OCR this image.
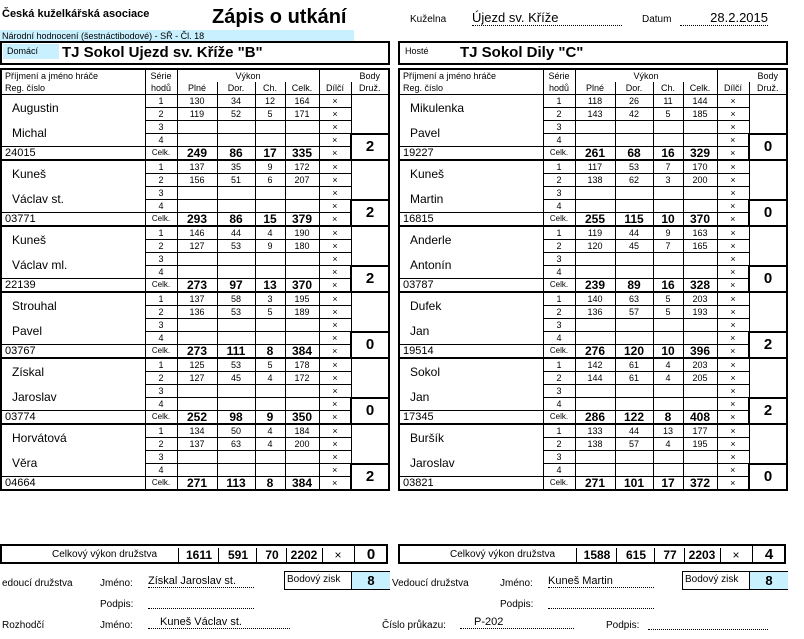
Česká kuželkářská asociace	Zápis o utkání
Národní hodnocení (šestnáctibodové) - SŘ - Čl. 18
Kuželna Újezd sv. Kříže	Datum	28.2.2015
Domácí	TJ Sokol Ujezd sv. Kříže "B"	Hosté	TJ Sokol Dily "C"
Příjmení a jméno hráče	Série	Výkon				Body	
Reg. číslo	hodů	Plné	Dor.	Ch.	Celk.	Dílčí	Druž.
Augustin	1	130	34	12	164	×	
	2	119	52	5	171	×	
Michal	3					×	
	4					×	2
24015	Celk.	249	86	17	335	×	
Kuneš	1	137	35	9	172	×	
	2	156	51	6	207	×	
Václav st.	3					×	
	4					×	2
03771	Celk.	293	86	15	379	×	
Kuneš	1	146	44	4	190	×	
	2	127	53	9	180	×	
Václav ml.	3					×	
	4					×	2
22139	Celk.	273	97	13	370	×	
Strouhal	1	137	58	3	195	×	
	2	136	53	5	189	×	
Pavel	3					×	
	4					×	0
03767	Celk.	273	111	8	384	×	
Získal	1	125	53	5	178	×	
	2	127	45	4	172	×	
Jaroslav	3					×	
	4					×	0
03774	Celk.	252	98	9	350	×	
Horvátová	1	134	50	4	184	×	
	2	137	63	4	200	×	
Věra	3					×	
	4					×	2
04664	Celk.	271	113	8	384	×	
Příjmení a jméno hráče	Série	Výkon				Body	
Reg. číslo	hodů	Plné	Dor.	Ch.	Celk.	Dílčí	Druž.
Mikulenka	1	118	26	11	144	×	
	2	143	42	5	185	×	
Pavel	3					×	
	4					×	0
19227	Celk.	261	68	16	329	×	
Kuneš	1	117	53	7	170	×	
	2	138	62	3	200	×	
Martin	3					×	
	4					×	0
16815	Celk.	255	115	10	370	×	
Anderle	1	119	44	9	163	×	
	2	120	45	7	165	×	
Antonín	3					×	
	4					×	0
03787	Celk.	239	89	16	328	×	
Dufek	1	140	63	5	203	×	
	2	136	57	5	193	×	
Jan	3					×	
	4					×	2
19514	Celk.	276	120	10	396	×	
Sokol	1	142	61	4	203	×	
	2	144	61	4	205	×	
Jan	3					×	
	4					×	2
17345	Celk.	286	122	8	408	×	
Buršík	1	133	44	13	177	×	
	2	138	57	4	195	×	
Jaroslav	3					×	
	4					×	0
03821	Celk.	271	101	17	372	×	
Celkový výkon družstva	1611	591	70 2202	×	0	Celkový výkon družstva	1588	615	77 2203	×	4
edoucí družstva	Jméno: Získal Jaroslav st.	Bodový zisk	8	Vedoucí družstva	Jméno: Kuneš Martin	Bodový zisk	8
Podpis:	Podpis:
Rozhodčí	Jméno:	Kuneš Václav st.	Číslo průkazu:	P-202	Podpis:
